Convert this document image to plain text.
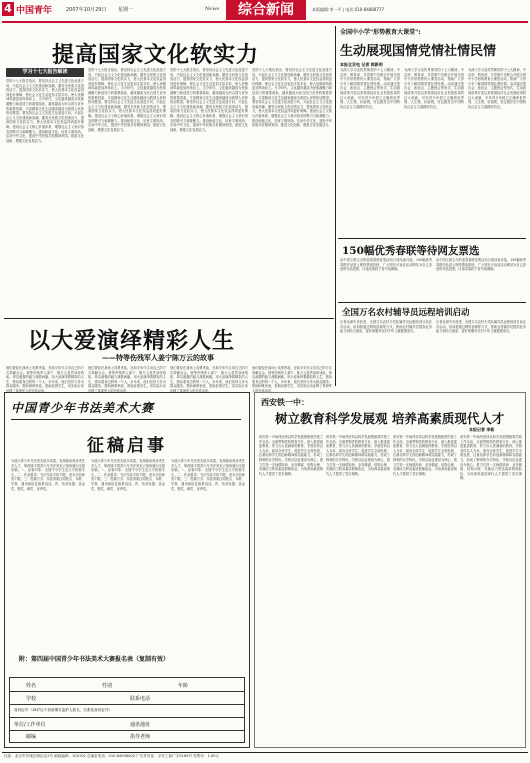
4 中国青年	2007年10月29日 星期一	News	综合新闻	本版编辑:李一平 | 电话:010-84888777
提高国家文化软实力
学习十七大报告解读
党的十七大报告指出，要坚持社会主义先进文化前进方向，兴起社会主义文化建设新高潮，激发全民族文化创造活力，提高国家文化软实力，使人民基本文化权益得到更好保障，使社会文化生活更加丰富多彩，使人民精神风貌更加昂扬向上。当今时代，文化越来越成为民族凝聚力和创造力的重要源泉，越来越成为综合国力竞争的重要因素，丰富精神文化生活越来越成为我国人民的热切愿望。要坚持社会主义先进文化前进方向，兴起社会主义文化建设新高潮，激发全民族文化创造活力，提高国家文化软实力，使人民基本文化权益得到更好保障。建设社会主义核心价值体系，增强社会主义意识形态的吸引力和凝聚力。建设和谐文化，培育文明风尚。弘扬中华文化，建设中华民族共有精神家园。推进文化创新，增强文化发展活力。
党的十七大报告指出，要坚持社会主义先进文化前进方向，兴起社会主义文化建设新高潮，激发全民族文化创造活力，提高国家文化软实力，使人民基本文化权益得到更好保障，使社会文化生活更加丰富多彩，使人民精神风貌更加昂扬向上。当今时代，文化越来越成为民族凝聚力和创造力的重要源泉，越来越成为综合国力竞争的重要因素，丰富精神文化生活越来越成为我国人民的热切愿望。要坚持社会主义先进文化前进方向，兴起社会主义文化建设新高潮，激发全民族文化创造活力，提高国家文化软实力，使人民基本文化权益得到更好保障。建设社会主义核心价值体系，增强社会主义意识形态的吸引力和凝聚力。建设和谐文化，培育文明风尚。弘扬中华文化，建设中华民族共有精神家园。推进文化创新，增强文化发展活力。
党的十七大报告指出，要坚持社会主义先进文化前进方向，兴起社会主义文化建设新高潮，激发全民族文化创造活力，提高国家文化软实力，使人民基本文化权益得到更好保障，使社会文化生活更加丰富多彩，使人民精神风貌更加昂扬向上。当今时代，文化越来越成为民族凝聚力和创造力的重要源泉，越来越成为综合国力竞争的重要因素，丰富精神文化生活越来越成为我国人民的热切愿望。要坚持社会主义先进文化前进方向，兴起社会主义文化建设新高潮，激发全民族文化创造活力，提高国家文化软实力，使人民基本文化权益得到更好保障。建设社会主义核心价值体系，增强社会主义意识形态的吸引力和凝聚力。建设和谐文化，培育文明风尚。弘扬中华文化，建设中华民族共有精神家园。推进文化创新，增强文化发展活力。
党的十七大报告指出，要坚持社会主义先进文化前进方向，兴起社会主义文化建设新高潮，激发全民族文化创造活力，提高国家文化软实力，使人民基本文化权益得到更好保障，使社会文化生活更加丰富多彩，使人民精神风貌更加昂扬向上。当今时代，文化越来越成为民族凝聚力和创造力的重要源泉，越来越成为综合国力竞争的重要因素，丰富精神文化生活越来越成为我国人民的热切愿望。要坚持社会主义先进文化前进方向，兴起社会主义文化建设新高潮，激发全民族文化创造活力，提高国家文化软实力，使人民基本文化权益得到更好保障。建设社会主义核心价值体系，增强社会主义意识形态的吸引力和凝聚力。建设和谐文化，培育文明风尚。弘扬中华文化，建设中华民族共有精神家园。推进文化创新，增强文化发展活力。
全国中小学"形势教育大课堂":
生动展现国情党情社情民情
本报北京电 记者 郭新明
为深入学习宣传贯彻党的十七大精神，中宣部、教育部、共青团中央联合开展全国中小学形势教育大课堂活动，帮助广大青少年了解国情党情社情民情。活动通过报告会、座谈会、主题班会等形式，生动展现改革开放以来我国经济社会发展取得的巨大成就，引导青少年树立正确的世界观、人生观、价值观，坚定跟党走中国特色社会主义道路的信念。
为深入学习宣传贯彻党的十七大精神，中宣部、教育部、共青团中央联合开展全国中小学形势教育大课堂活动，帮助广大青少年了解国情党情社情民情。活动通过报告会、座谈会、主题班会等形式，生动展现改革开放以来我国经济社会发展取得的巨大成就，引导青少年树立正确的世界观、人生观、价值观，坚定跟党走中国特色社会主义道路的信念。
为深入学习宣传贯彻党的十七大精神，中宣部、教育部、共青团中央联合开展全国中小学形势教育大课堂活动，帮助广大青少年了解国情党情社情民情。活动通过报告会、座谈会、主题班会等形式，生动展现改革开放以来我国经济社会发展取得的巨大成就，引导青少年树立正确的世界观、人生观、价值观，坚定跟党走中国特色社会主义道路的信念。
以大爱演绎精彩人生
——特等伤残军人姜宁陈万云的故事
他们曾经在战场上英勇杀敌，在和平年代又用自己的方式奉献社会。特等伤残军人姜宁、陈万云虽然身体残疾，却以顽强的毅力战胜病痛，用大爱演绎着精彩的人生，感动着身边的每一个人。多年来，他们坚持义务为群众服务，帮助困难家庭，资助贫困学生，用实际行动诠释了革命军人的崇高品质。
他们曾经在战场上英勇杀敌，在和平年代又用自己的方式奉献社会。特等伤残军人姜宁、陈万云虽然身体残疾，却以顽强的毅力战胜病痛，用大爱演绎着精彩的人生，感动着身边的每一个人。多年来，他们坚持义务为群众服务，帮助困难家庭，资助贫困学生，用实际行动诠释了革命军人的崇高品质。
他们曾经在战场上英勇杀敌，在和平年代又用自己的方式奉献社会。特等伤残军人姜宁、陈万云虽然身体残疾，却以顽强的毅力战胜病痛，用大爱演绎着精彩的人生，感动着身边的每一个人。多年来，他们坚持义务为群众服务，帮助困难家庭，资助贫困学生，用实际行动诠释了革命军人的崇高品质。
他们曾经在战场上英勇杀敌，在和平年代又用自己的方式奉献社会。特等伤残军人姜宁、陈万云虽然身体残疾，却以顽强的毅力战胜病痛，用大爱演绎着精彩的人生，感动着身边的每一个人。多年来，他们坚持义务为群众服务，帮助困难家庭，资助贫困学生，用实际行动诠释了革命军人的崇高品质。
150幅优秀春联等待网友票选
由中国文联主办的迎春春联征集活动日前结束评选，150幅优秀春联作品进入网络票选阶段，广大网友可登录活动网站为自己喜爱的作品投票，评选结果将于春节前揭晓。
由中国文联主办的迎春春联征集活动日前结束评选，150幅优秀春联作品进入网络票选阶段，广大网友可登录活动网站为自己喜爱的作品投票，评选结果将于春节前揭晓。
全国万名农村辅导员远程培训启动
记者从团中央获悉，全国万名农村少先队辅导员远程培训日前正式启动，培训将通过网络视频等方式，帮助农村辅导员提高业务能力和综合素质，更好地服务农村少年儿童健康成长。
记者从团中央获悉，全国万名农村少先队辅导员远程培训日前正式启动，培训将通过网络视频等方式，帮助农村辅导员提高业务能力和综合素质，更好地服务农村少年儿童健康成长。
中国青少年书法美术大赛
征稿启事
为展示青少年书法美术创作成果，发现和培养优秀艺术人才，第四届中国青少年书法美术大赛现面向全国征稿。一、参赛对象：全国中小学生及大专院校学生。二、作品要求：书法作品字体不限，美术作品种类不限。三、投稿方式：作品背面注明姓名、年龄、学校、通讯地址及联系电话。四、奖项设置：设金奖、银奖、铜奖、优秀奖。
为展示青少年书法美术创作成果，发现和培养优秀艺术人才，第四届中国青少年书法美术大赛现面向全国征稿。一、参赛对象：全国中小学生及大专院校学生。二、作品要求：书法作品字体不限，美术作品种类不限。三、投稿方式：作品背面注明姓名、年龄、学校、通讯地址及联系电话。四、奖项设置：设金奖、银奖、铜奖、优秀奖。
为展示青少年书法美术创作成果，发现和培养优秀艺术人才，第四届中国青少年书法美术大赛现面向全国征稿。一、参赛对象：全国中小学生及大专院校学生。二、作品要求：书法作品字体不限，美术作品种类不限。三、投稿方式：作品背面注明姓名、年龄、学校、通讯地址及联系电话。四、奖项设置：设金奖、银奖、铜奖、优秀奖。
附：第四届中国青少年书法美术大赛报名表（复制有效）
姓名	性别	年龄
学校	联系电话
身份证号（18岁以下者请填写监护人姓名、关系及身份证号）
单位/工作单位	通讯地址
邮编	指导老师
西安铁一中：
树立教育科学发展观 培养高素质现代人才
本报记者 李新
西安铁一中始终坚持以科学发展观统领学校工作全局，全面贯彻党的教育方针，深入推进素质教育，努力办人民满意的教育。学校坚持以人为本，面向全体学生，促进学生全面发展，注重培养学生的创新精神和实践能力，形成了鲜明的办学特色。学校以队伍建设为核心，着力打造一支师德高尚、业务精湛、结构合理、充满活力的高素质教师队伍，为培养高素质现代人才提供了坚实保障。
西安铁一中始终坚持以科学发展观统领学校工作全局，全面贯彻党的教育方针，深入推进素质教育，努力办人民满意的教育。学校坚持以人为本，面向全体学生，促进学生全面发展，注重培养学生的创新精神和实践能力，形成了鲜明的办学特色。学校以队伍建设为核心，着力打造一支师德高尚、业务精湛、结构合理、充满活力的高素质教师队伍，为培养高素质现代人才提供了坚实保障。
西安铁一中始终坚持以科学发展观统领学校工作全局，全面贯彻党的教育方针，深入推进素质教育，努力办人民满意的教育。学校坚持以人为本，面向全体学生，促进学生全面发展，注重培养学生的创新精神和实践能力，形成了鲜明的办学特色。学校以队伍建设为核心，着力打造一支师德高尚、业务精湛、结构合理、充满活力的高素质教师队伍，为培养高素质现代人才提供了坚实保障。
西安铁一中始终坚持以科学发展观统领学校工作全局，全面贯彻党的教育方针，深入推进素质教育，努力办人民满意的教育。学校坚持以人为本，面向全体学生，促进学生全面发展，注重培养学生的创新精神和实践能力，形成了鲜明的办学特色。学校以队伍建设为核心，着力打造一支师德高尚、业务精湛、结构合理、充满活力的高素质教师队伍，为培养高素质现代人才提供了坚实保障。
社址：北京市东城区海运仓2号 邮政编码：100702 总编室电话：010-64098000 广告许可证：京东工商广字0169号 零售价：1.00元
